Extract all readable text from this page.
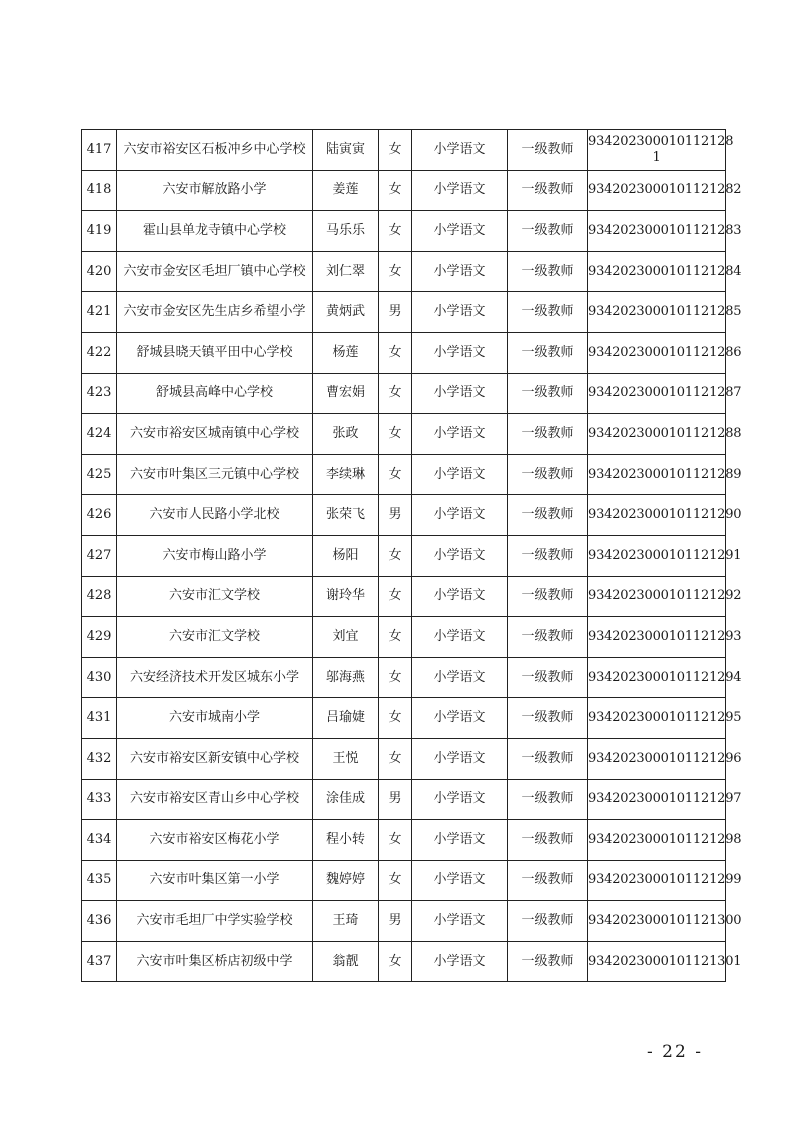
417	六安市裕安区石板冲乡中心学校	陆寅寅	女	小学语文	一级教师	934202300010112128 1
418	六安市解放路小学	姜莲	女	小学语文	一级教师	9342023000101121282
419	霍山县单龙寺镇中心学校	马乐乐	女	小学语文	一级教师	9342023000101121283
420	六安市金安区毛坦厂镇中心学校	刘仁翠	女	小学语文	一级教师	9342023000101121284
421	六安市金安区先生店乡希望小学	黄炳武	男	小学语文	一级教师	9342023000101121285
422	舒城县晓天镇平田中心学校	杨莲	女	小学语文	一级教师	9342023000101121286
423	舒城县高峰中心学校	曹宏娟	女	小学语文	一级教师	9342023000101121287
424	六安市裕安区城南镇中心学校	张政	女	小学语文	一级教师	9342023000101121288
425	六安市叶集区三元镇中心学校	李续琳	女	小学语文	一级教师	9342023000101121289
426	六安市人民路小学北校	张荣飞	男	小学语文	一级教师	9342023000101121290
427	六安市梅山路小学	杨阳	女	小学语文	一级教师	9342023000101121291
428	六安市汇文学校	谢玲华	女	小学语文	一级教师	9342023000101121292
429	六安市汇文学校	刘宜	女	小学语文	一级教师	9342023000101121293
430	六安经济技术开发区城东小学	邬海燕	女	小学语文	一级教师	9342023000101121294
431	六安市城南小学	吕瑜婕	女	小学语文	一级教师	9342023000101121295
432	六安市裕安区新安镇中心学校	王悦	女	小学语文	一级教师	9342023000101121296
433	六安市裕安区青山乡中心学校	涂佳成	男	小学语文	一级教师	9342023000101121297
434	六安市裕安区梅花小学	程小转	女	小学语文	一级教师	9342023000101121298
435	六安市叶集区第一小学	魏婷婷	女	小学语文	一级教师	9342023000101121299
436	六安市毛坦厂中学实验学校	王琦	男	小学语文	一级教师	9342023000101121300
437	六安市叶集区桥店初级中学	翁靓	女	小学语文	一级教师	9342023000101121301
- 22 -
